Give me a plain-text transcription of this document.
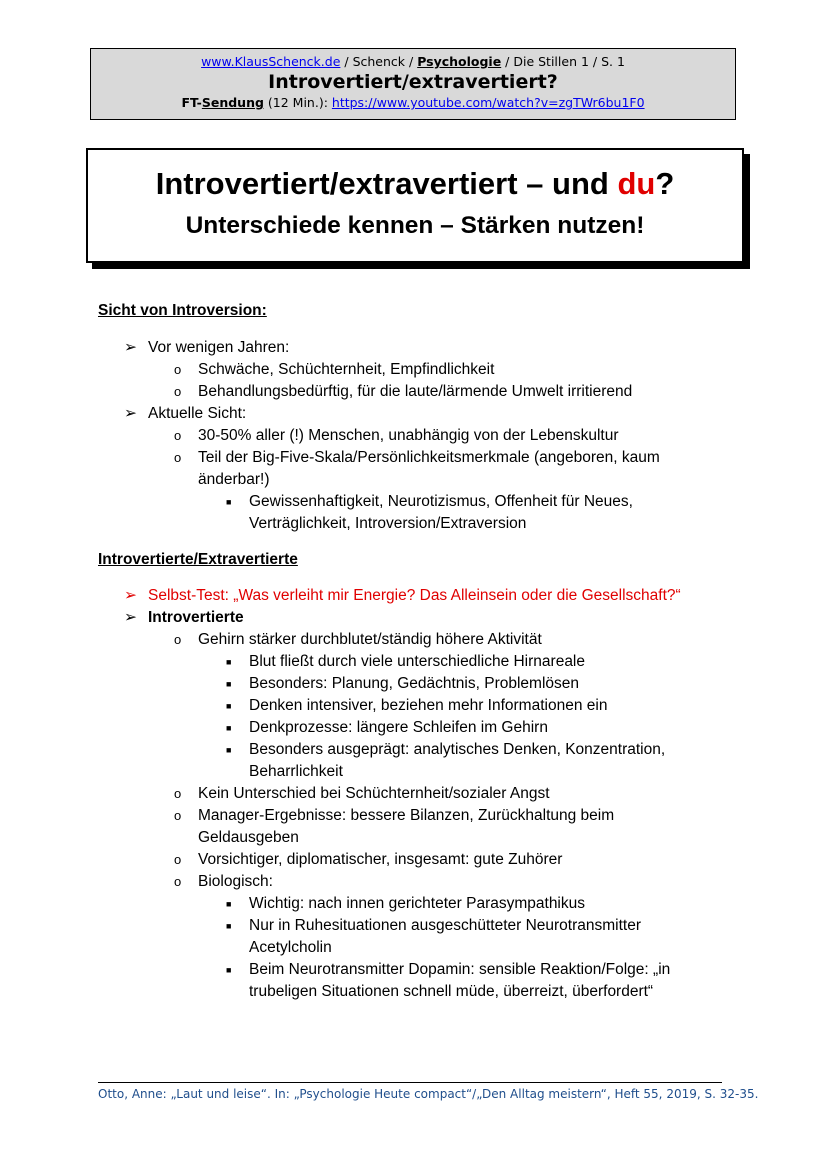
www.KlausSchenck.de / Schenck / Psychologie / Die Stillen 1 / S. 1
Introvertiert/extravertiert?
FT-Sendung (12 Min.): https://www.youtube.com/watch?v=zgTWr6bu1F0
Introvertiert/extravertiert – und du?
Unterschiede kennen – Stärken nutzen!
Sicht von Introversion:
➢ Vor wenigen Jahren:
o Schwäche, Schüchternheit, Empfindlichkeit
o Behandlungsbedürftig, für die laute/lärmende Umwelt irritierend
➢ Aktuelle Sicht:
o 30-50% aller (!) Menschen, unabhängig von der Lebenskultur
o Teil der Big-Five-Skala/Persönlichkeitsmerkmale (angeboren, kaum
änderbar!)
■ Gewissenhaftigkeit, Neurotizismus, Offenheit für Neues,
Verträglichkeit, Introversion/Extraversion
Introvertierte/Extravertierte
➢ Selbst-Test: „Was verleiht mir Energie? Das Alleinsein oder die Gesellschaft?“
➢ Introvertierte
o Gehirn stärker durchblutet/ständig höhere Aktivität
■ Blut fließt durch viele unterschiedliche Hirnareale
■ Besonders: Planung, Gedächtnis, Problemlösen
■ Denken intensiver, beziehen mehr Informationen ein
■ Denkprozesse: längere Schleifen im Gehirn
■ Besonders ausgeprägt: analytisches Denken, Konzentration,
Beharrlichkeit
o Kein Unterschied bei Schüchternheit/sozialer Angst
o Manager-Ergebnisse: bessere Bilanzen, Zurückhaltung beim
Geldausgeben
o Vorsichtiger, diplomatischer, insgesamt: gute Zuhörer
o Biologisch:
■ Wichtig: nach innen gerichteter Parasympathikus
■ Nur in Ruhesituationen ausgeschütteter Neurotransmitter
Acetylcholin
■ Beim Neurotransmitter Dopamin: sensible Reaktion/Folge: „in
trubeligen Situationen schnell müde, überreizt, überfordert“
Otto, Anne: „Laut und leise“. In: „Psychologie Heute compact“/„Den Alltag meistern“, Heft 55, 2019, S. 32-35.
